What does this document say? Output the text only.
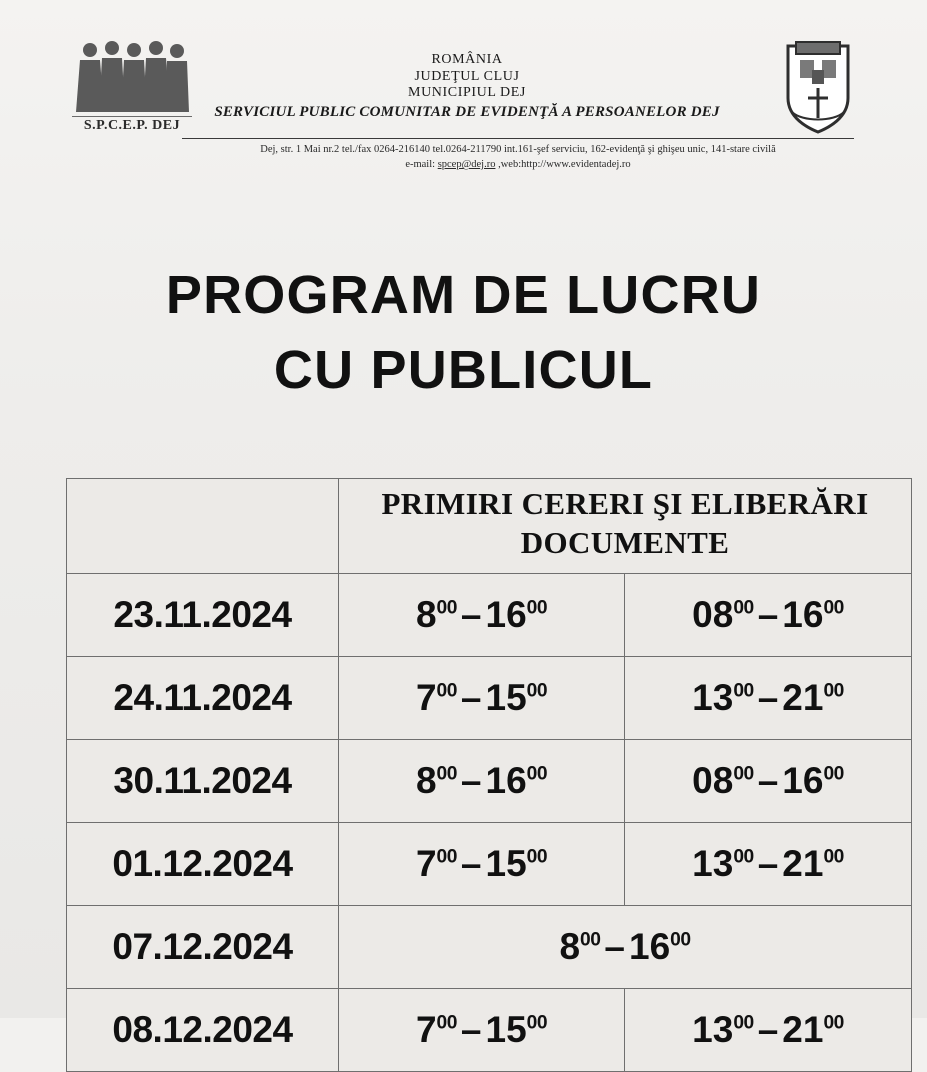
S.P.C.E.P. DEJ
ROMÂNIA
JUDEŢUL CLUJ
MUNICIPIUL DEJ
SERVICIUL PUBLIC COMUNITAR DE EVIDENŢĂ A PERSOANELOR DEJ
Dej, str. 1 Mai nr.2 tel./fax 0264-216140 tel.0264-211790 int.161-şef serviciu, 162-evidenţă şi ghişeu unic, 141-stare civilă
e-mail: spcep@dej.ro ,web:http://www.evidentadej.ro
PROGRAM DE LUCRU
CU PUBLICUL
	PRIMIRI CERERI ŞI ELIBERĂRI DOCUMENTE	
23.11.2024	$8^{00} - 16^{00}$	$08^{00} - 16^{00}$
24.11.2024	$7^{00} - 15^{00}$	$13^{00} - 21^{00}$
30.11.2024	$8^{00} - 16^{00}$	$08^{00} - 16^{00}$
01.12.2024	$7^{00} - 15^{00}$	$13^{00} - 21^{00}$
07.12.2024	$8^{00} - 16^{00}$
08.12.2024	$7^{00} - 15^{00}$	$13^{00} - 21^{00}$
